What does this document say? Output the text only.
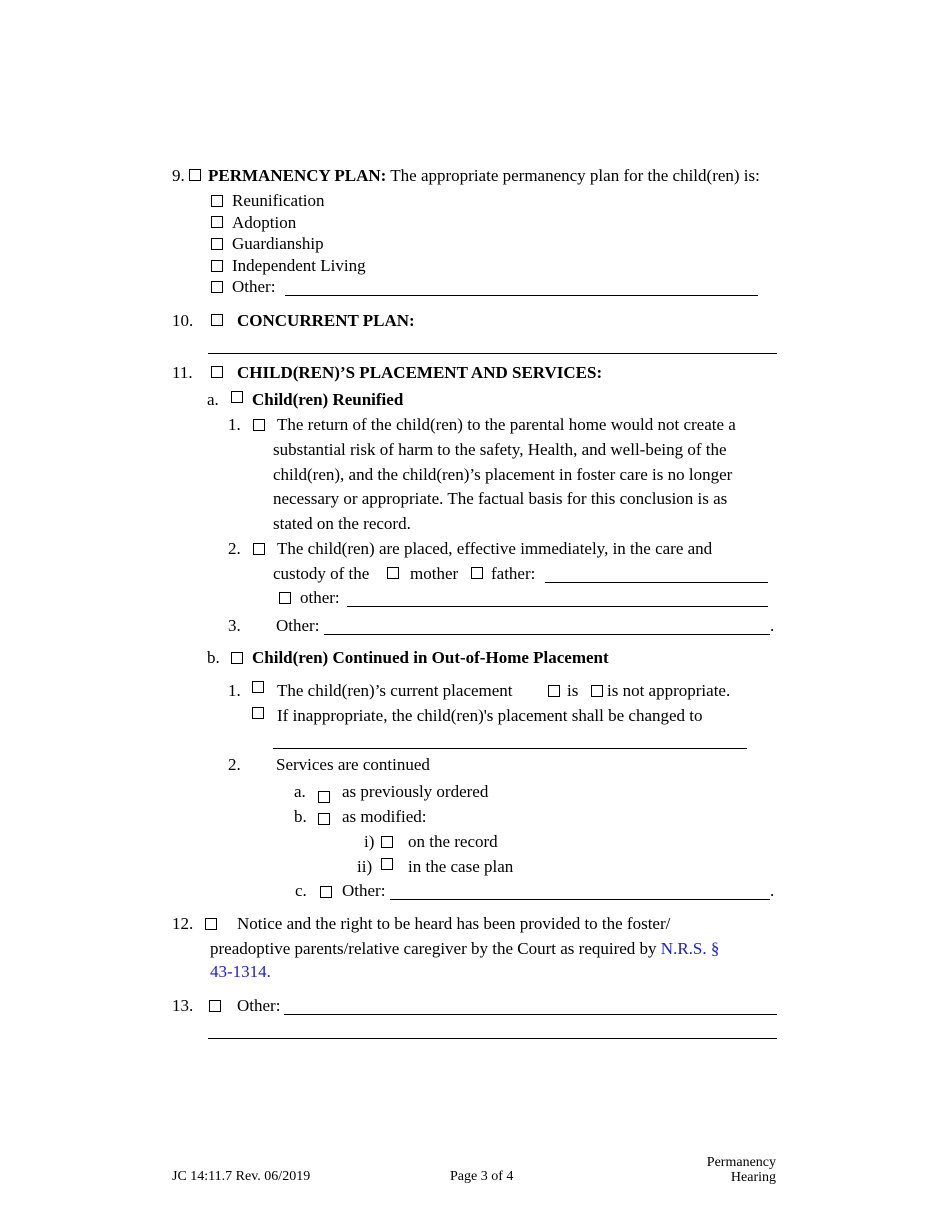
9. PERMANENCY PLAN: The appropriate permanency plan for the child(ren) is:
Reunification
Adoption
Guardianship
Independent Living
Other:
10.	CONCURRENT PLAN:
11.	CHILD(REN)’S PLACEMENT AND SERVICES:
a. Child(ren) Reunified
1. The return of the child(ren) to the parental home would not create a
substantial risk of harm to the safety, Health, and well-being of the
child(ren), and the child(ren)’s placement in foster care is no longer
necessary or appropriate. The factual basis for this conclusion is as
stated on the record.
2. The child(ren) are placed, effective immediately, in the care and
custody of the mother father:
other:
3. Other:	.
b. Child(ren) Continued in Out-of-Home Placement
1. The child(ren)’s current placement	is is not appropriate.
If inappropriate, the child(ren)'s placement shall be changed to
2. Services are continued
a. as previously ordered
b. as modified:
i) on the record
ii) in the case plan
c. Other:	.
12.	Notice and the right to be heard has been provided to the foster/
preadoptive parents/relative caregiver by the Court as required by N.R.S. §
43-1314.
13.	Other:
JC 14:11.7 Rev. 06/2019	Page 3 of 4
Permanency
Hearing
